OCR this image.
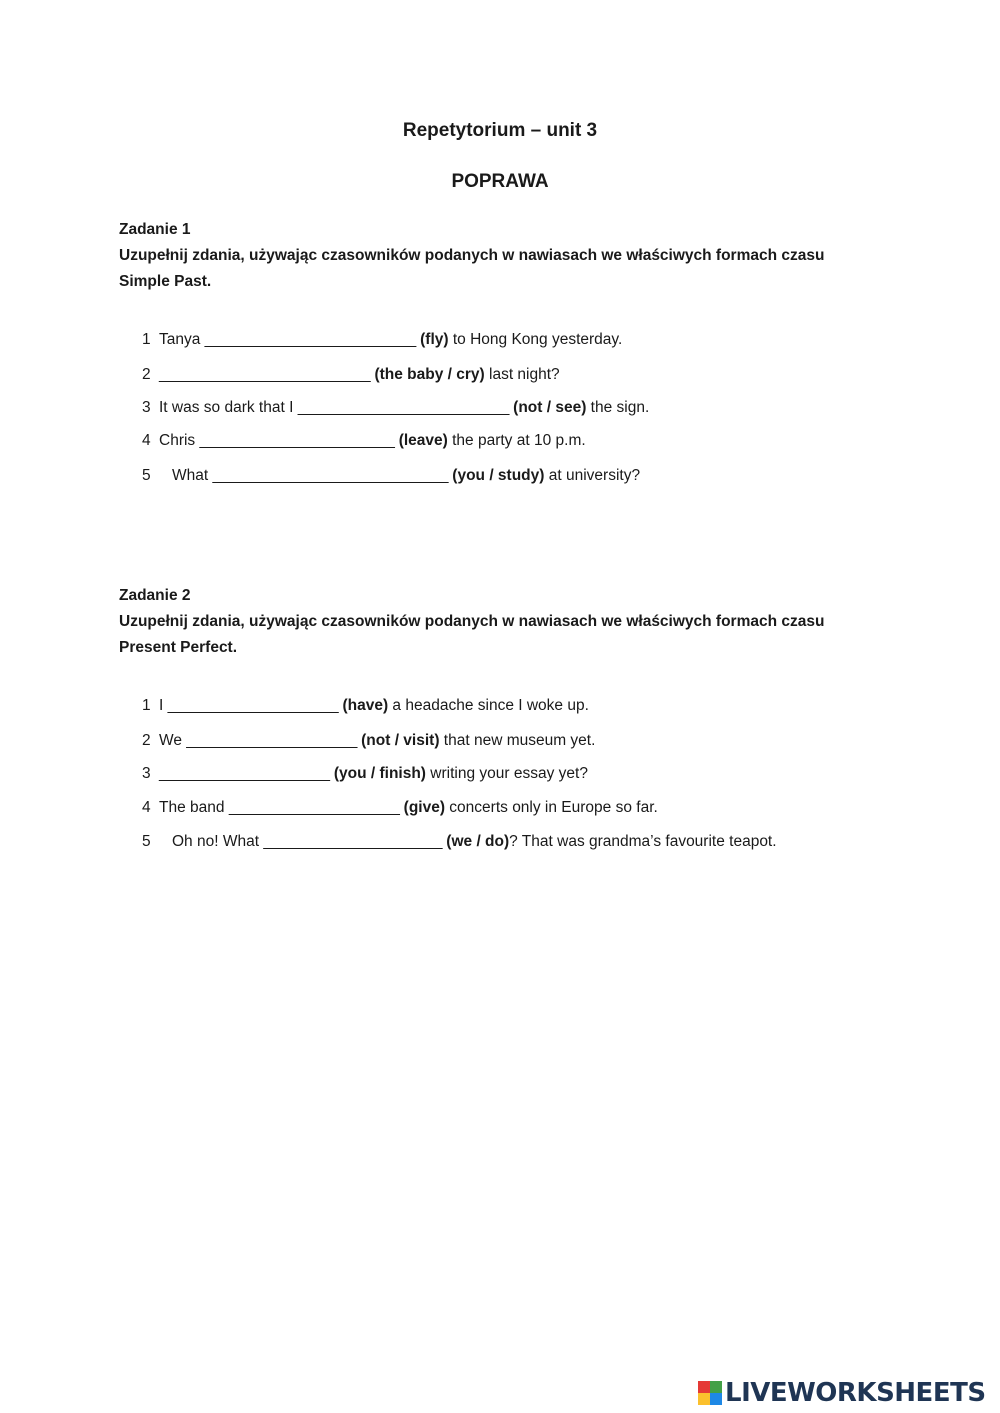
Repetytorium – unit 3
POPRAWA

Zadanie 1

Uzupełnij zdania, używając czasowników podanych w nawiasach we właściwych formach czasu
Simple Past.

1 Tanya __________________________ (fly) to Hong Kong yesterday.
2 __________________________ (the baby / cry) last night?
3 It was so dark that I __________________________ (not / see) the sign.
4 Chris ________________________ (leave) the party at 10 p.m.
5 What _____________________________ (you / study) at university?

Zadanie 2

Uzupełnij zdania, używając czasowników podanych w nawiasach we właściwych formach czasu
Present Perfect.

1 I _____________________ (have) a headache since I woke up.
2 We _____________________ (not / visit) that new museum yet.
3 _____________________ (you / finish) writing your essay yet?
4 The band _____________________ (give) concerts only in Europe so far.
5 Oh no! What ______________________ (we / do)? That was grandma’s favourite teapot.
LIVEWORKSHEETS
